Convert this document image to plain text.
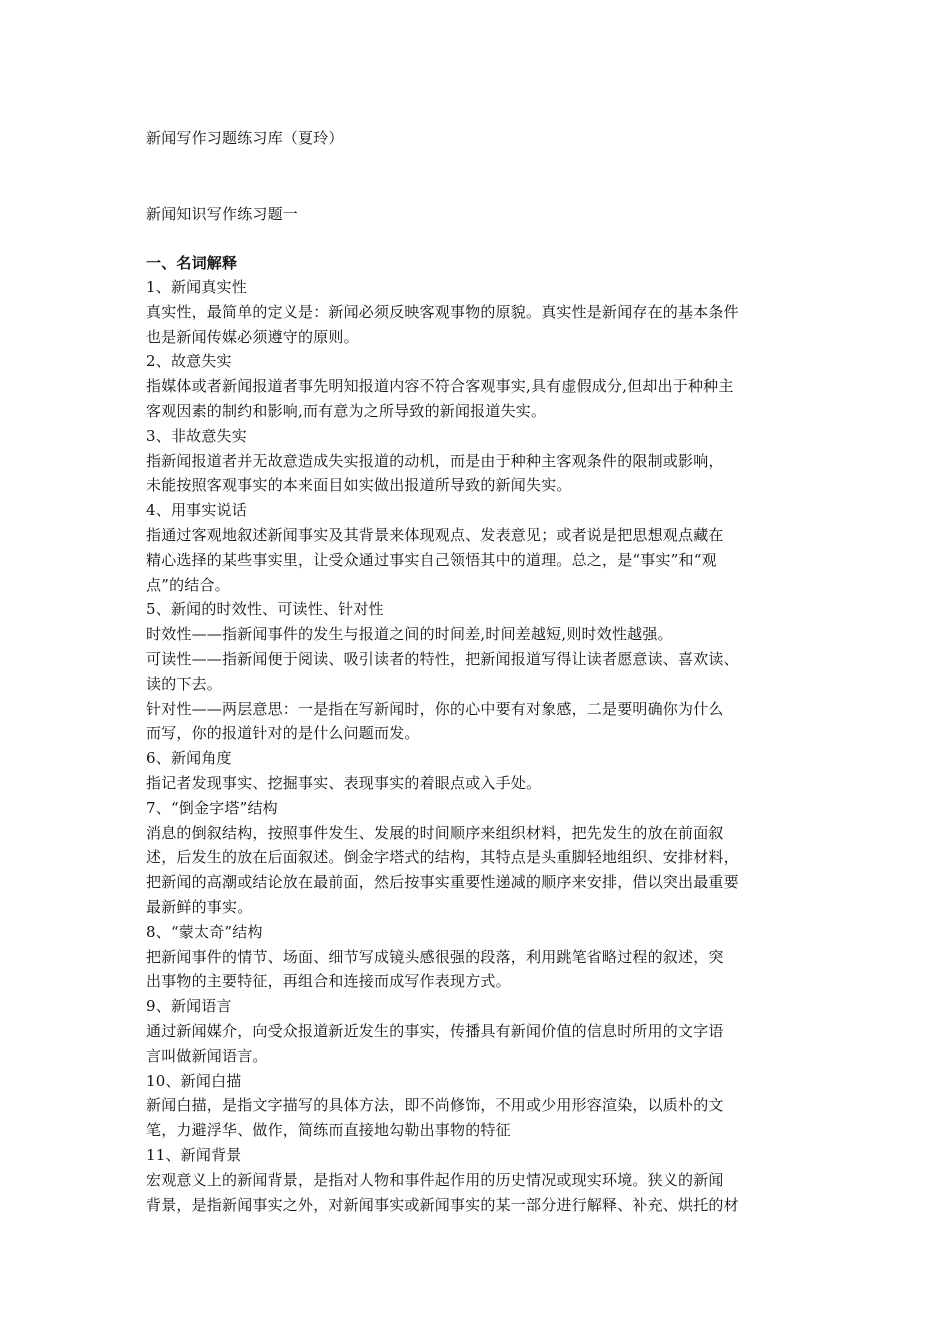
新闻写作习题练习库（夏玲）
新闻知识写作练习题一
一、名词解释
1、新闻真实性
真实性，最简单的定义是：新闻必须反映客观事物的原貌。真实性是新闻存在的基本条件
也是新闻传媒必须遵守的原则。
2、故意失实
指媒体或者新闻报道者事先明知报道内容不符合客观事实,具有虚假成分,但却出于种种主
客观因素的制约和影响,而有意为之所导致的新闻报道失实。
3、非故意失实
指新闻报道者并无故意造成失实报道的动机，而是由于种种主客观条件的限制或影响，
未能按照客观事实的本来面目如实做出报道所导致的新闻失实。
4、用事实说话
指通过客观地叙述新闻事实及其背景来体现观点、发表意见；或者说是把思想观点藏在
精心选择的某些事实里，让受众通过事实自己领悟其中的道理。总之，是“事实”和“观
点”的结合。
5、新闻的时效性、可读性、针对性
时效性——指新闻事件的发生与报道之间的时间差,时间差越短,则时效性越强。
可读性——指新闻便于阅读、吸引读者的特性，把新闻报道写得让读者愿意读、喜欢读、
读的下去。
针对性——两层意思：一是指在写新闻时，你的心中要有对象感，二是要明确你为什么
而写，你的报道针对的是什么问题而发。
6、新闻角度
指记者发现事实、挖掘事实、表现事实的着眼点或入手处。
7、“倒金字塔”结构
消息的倒叙结构，按照事件发生、发展的时间顺序来组织材料，把先发生的放在前面叙
述，后发生的放在后面叙述。倒金字塔式的结构，其特点是头重脚轻地组织、安排材料，
把新闻的高潮或结论放在最前面，然后按事实重要性递减的顺序来安排，借以突出最重要
最新鲜的事实。
8、“蒙太奇”结构
把新闻事件的情节、场面、细节写成镜头感很强的段落，利用跳笔省略过程的叙述，突
出事物的主要特征，再组合和连接而成写作表现方式。
9、新闻语言
通过新闻媒介，向受众报道新近发生的事实，传播具有新闻价值的信息时所用的文字语
言叫做新闻语言。
10、新闻白描
新闻白描，是指文字描写的具体方法，即不尚修饰，不用或少用形容渲染，以质朴的文
笔，力避浮华、做作，简练而直接地勾勒出事物的特征
11、新闻背景
宏观意义上的新闻背景，是指对人物和事件起作用的历史情况或现实环境。狭义的新闻
背景，是指新闻事实之外，对新闻事实或新闻事实的某一部分进行解释、补充、烘托的材
